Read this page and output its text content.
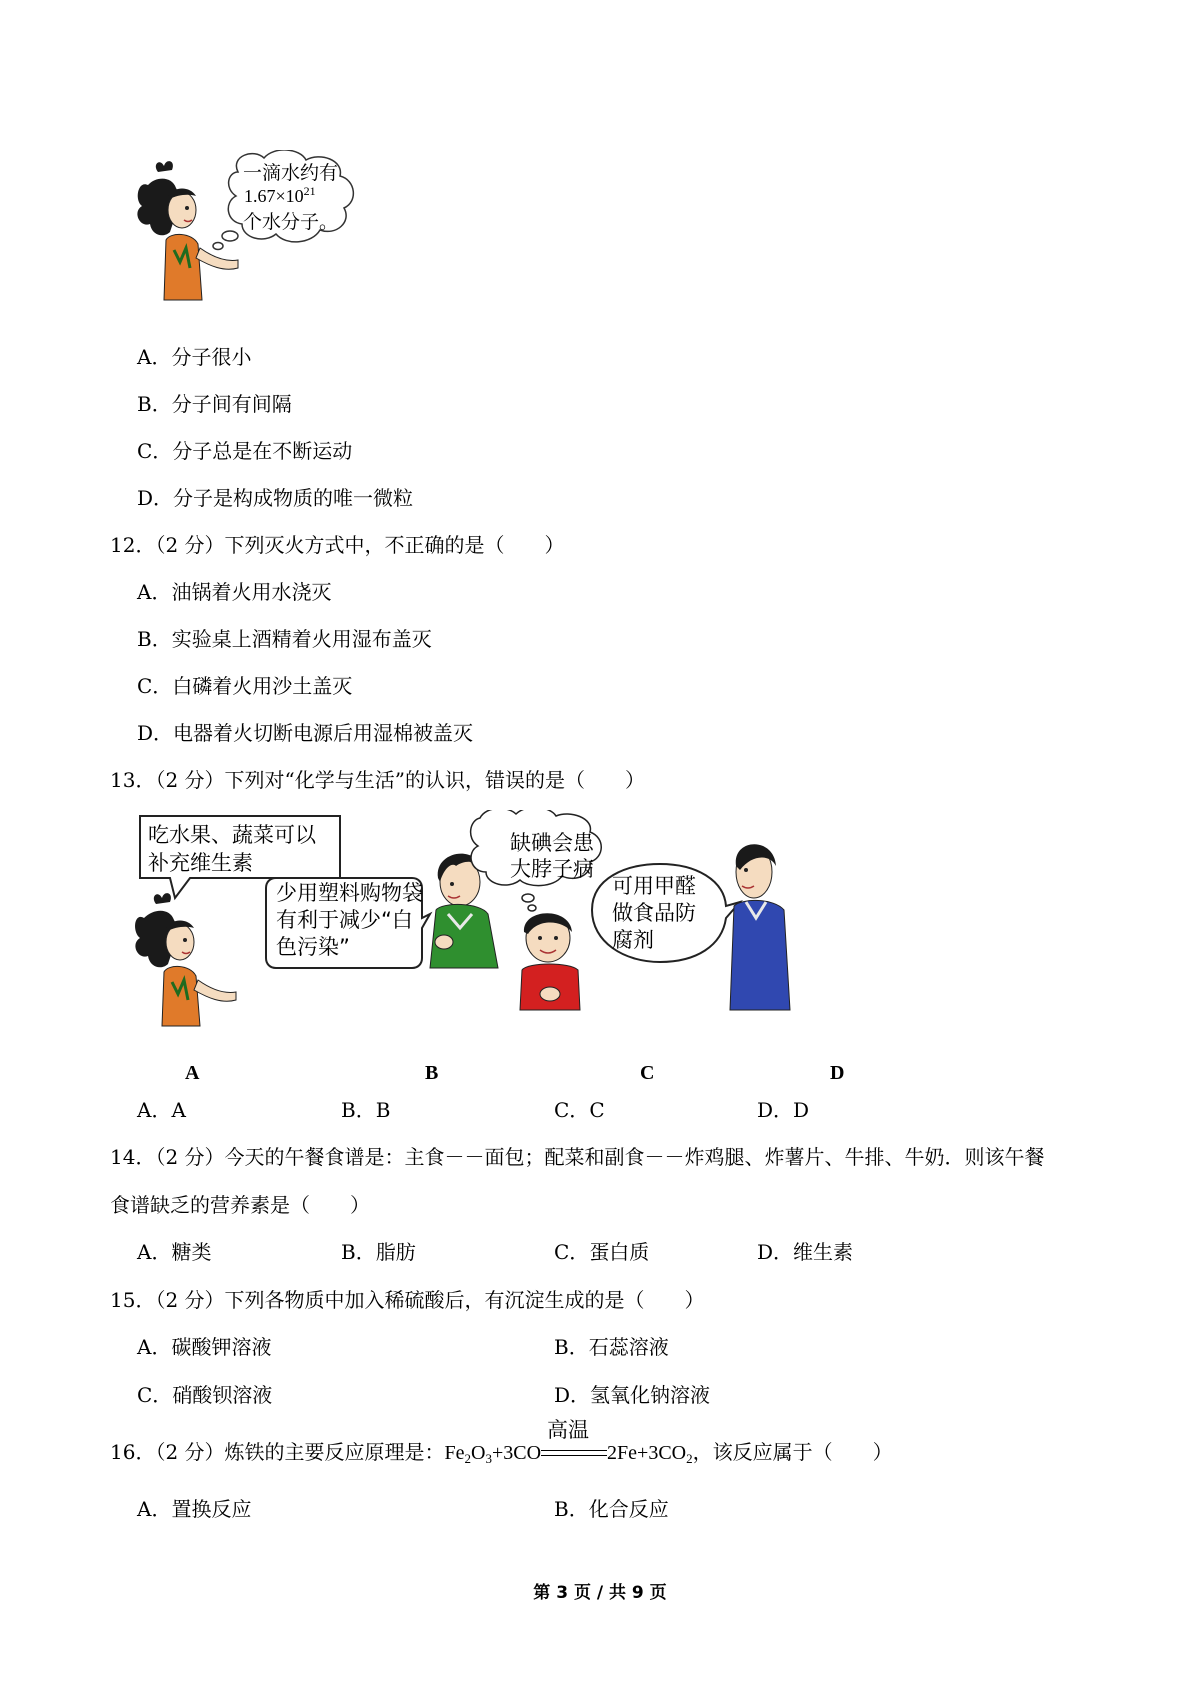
一滴水约有
$1.67\times 10^{21}$
个水分子。
A．分子很小
B．分子间有间隔
C．分子总是在不断运动
D．分子是构成物质的唯一微粒
12．（2 分）下列灭火方式中，不正确的是（　　）
A．油锅着火用水浇灭
B．实验桌上酒精着火用湿布盖灭
C．白磷着火用沙土盖灭
D．电器着火切断电源后用湿棉被盖灭
13．（2 分）下列对“化学与生活”的认识，错误的是（　　）
吃水果、蔬菜可以
补充维生素
少用塑料购物袋
有利于减少“白
色污染”
缺碘会患
大脖子病
可用甲醛
做食品防
腐剂
A	B	C	D
A．A	B．B	C．C	D．D
14．（2 分）今天的午餐食谱是：主食－－面包；配菜和副食－－炸鸡腿、炸薯片、牛排、牛奶．则该午餐
食谱缺乏的营养素是（　　）
A．糖类	B．脂肪	C．蛋白质	D．维生素
15．（2 分）下列各物质中加入稀硫酸后，有沉淀生成的是（　　）
A．碳酸钾溶液	B．石蕊溶液
C．硝酸钡溶液	D．氢氧化钠溶液
16．（2 分）炼铁的主要反应原理是：$Fe_2O_3+3CO$
高温
$2Fe+3CO_2$，该反应属于（　　）
A．置换反应	B．化合反应
第 3 页 / 共 9 页
